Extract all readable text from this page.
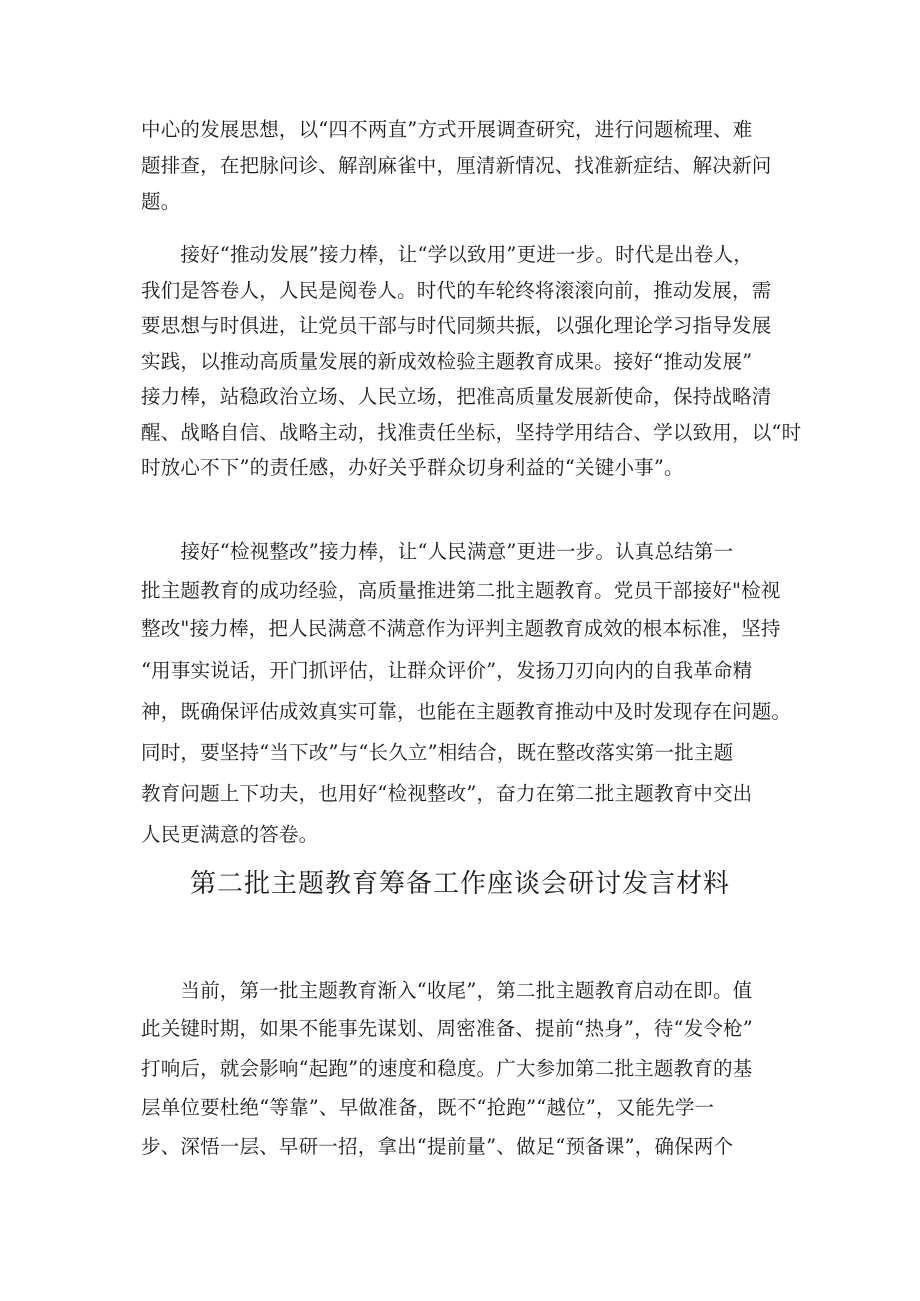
中心的发展思想，以“四不两直”方式开展调查研究，进行问题梳理、难
题排查，在把脉问诊、解剖麻雀中，厘清新情况、找准新症结、解决新问
题。
　　接好“推动发展”接力棒，让“学以致用”更进一步。时代是出卷人，
我们是答卷人，人民是阅卷人。时代的车轮终将滚滚向前，推动发展，需
要思想与时俱进，让党员干部与时代同频共振，以强化理论学习指导发展
实践，以推动高质量发展的新成效检验主题教育成果。接好“推动发展”
接力棒，站稳政治立场、人民立场，把准高质量发展新使命，保持战略清
醒、战略自信、战略主动，找准责任坐标，坚持学用结合、学以致用，以“时
时放心不下”的责任感，办好关乎群众切身利益的“关键小事”。
　　接好“检视整改”接力棒，让“人民满意”更进一步。认真总结第一
批主题教育的成功经验，高质量推进第二批主题教育。党员干部接好"检视
整改"接力棒，把人民满意不满意作为评判主题教育成效的根本标准，坚持
“用事实说话，开门抓评估，让群众评价”，发扬刀刃向内的自我革命精
神，既确保评估成效真实可靠，也能在主题教育推动中及时发现存在问题。
同时，要坚持“当下改”与“长久立”相结合，既在整改落实第一批主题
教育问题上下功夫，也用好“检视整改”，奋力在第二批主题教育中交出
人民更满意的答卷。
第二批主题教育筹备工作座谈会研讨发言材料
　　当前，第一批主题教育渐入“收尾”，第二批主题教育启动在即。值
此关键时期，如果不能事先谋划、周密准备、提前“热身”，待“发令枪”
打响后，就会影响“起跑”的速度和稳度。广大参加第二批主题教育的基
层单位要杜绝“等靠”、早做准备，既不“抢跑”“越位”，又能先学一
步、深悟一层、早研一招，拿出“提前量”、做足“预备课”，确保两个
